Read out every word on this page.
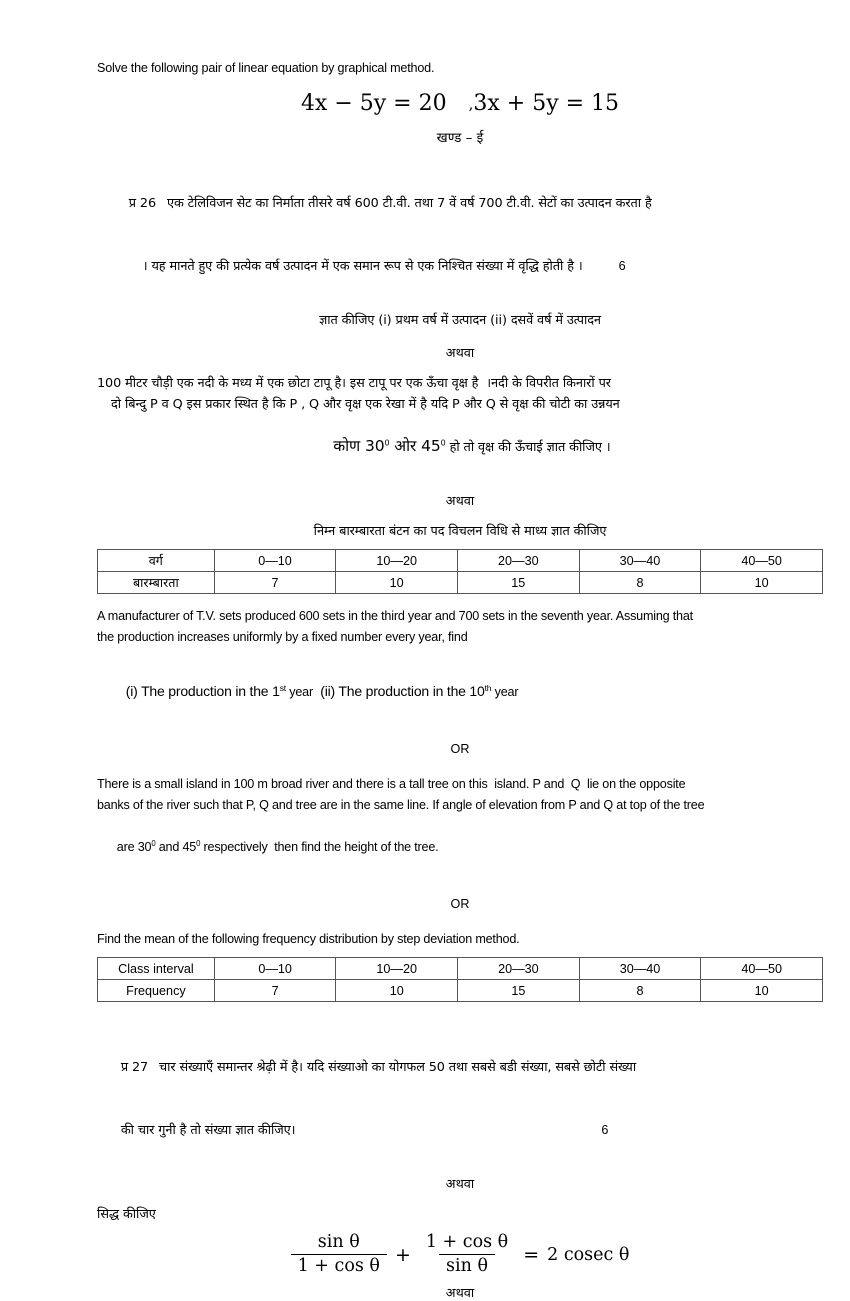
Solve the following pair of linear equation by graphical method.
4x − 5y = 20 ,3x + 5y = 15
खण्ड – ई

प्र 26 एक टेलिविजन सेट का निर्माता तीसरे वर्ष 600 टी.वी. तथा 7 वें वर्ष 700 टी.वी. सेटों का उत्पादन करता है

। यह मानते हुए की प्रत्येक वर्ष उत्पादन में एक समान रूप से एक निश्चित संख्या में वृद्धि होती है ।	6

ज्ञात कीजिए (i) प्रथम वर्ष में उत्पादन (ii) दसवें वर्ष में उत्पादन
अथवा
100 मीटर चौड़ी एक नदी के मध्य में एक छोटा टापू है। इस टापू पर एक ऊँचा वृक्ष है  ।नदी के विपरीत किनारों पर
दो बिन्दु P व Q इस प्रकार स्थित है कि P , Q और वृक्ष एक रेखा में है यदि P और Q से वृक्ष की चोटी का उन्नयन

कोण $30^0$ ओर $45^0$ हो तो वृक्ष की ऊँचाई ज्ञात कीजिए ।

अथवा
निम्न बारम्बारता बंटन का पद विचलन विधि से माध्य ज्ञात कीजिए
वर्ग	0—10	10—20	20—30	30—40	40—50
बारम्बारता	7	10	15	8	10
A manufacturer of T.V. sets produced 600 sets in the third year and 700 sets in the seventh year. Assuming that
the production increases uniformly by a fixed number every year, find

(i) The production in the 1st year (ii) The production in the 10th year

OR
There is a small island in 100 m broad river and there is a tall tree on this  island. P and  Q  lie on the opposite
banks of the river such that P, Q and tree are in the same line. If angle of elevation from P and Q at top of the tree

are $30^0$ and $45^0$ respectively  then find the height of the tree.

OR
Find the mean of the following frequency distribution by step deviation method.
Class interval	0—10	10—20	20—30	30—40	40—50
Frequency	7	10	15	8	10

प्र 27 चार संख्याएँ समान्तर श्रेढ़ी में है। यदि संख्याओ का योगफल 50 तथा सबसे बडी संख्या, सबसे छोटी संख्या

की चार गुनी है तो संख्या ज्ञात कीजिए।	6

अथवा
सिद्ध कीजिए
$\frac{\text{sin θ}}{\text{1 + cos θ}} + \frac{\text{1 + cos θ}}{\text{sin θ}} = 2$ cosec θ
अथवा
